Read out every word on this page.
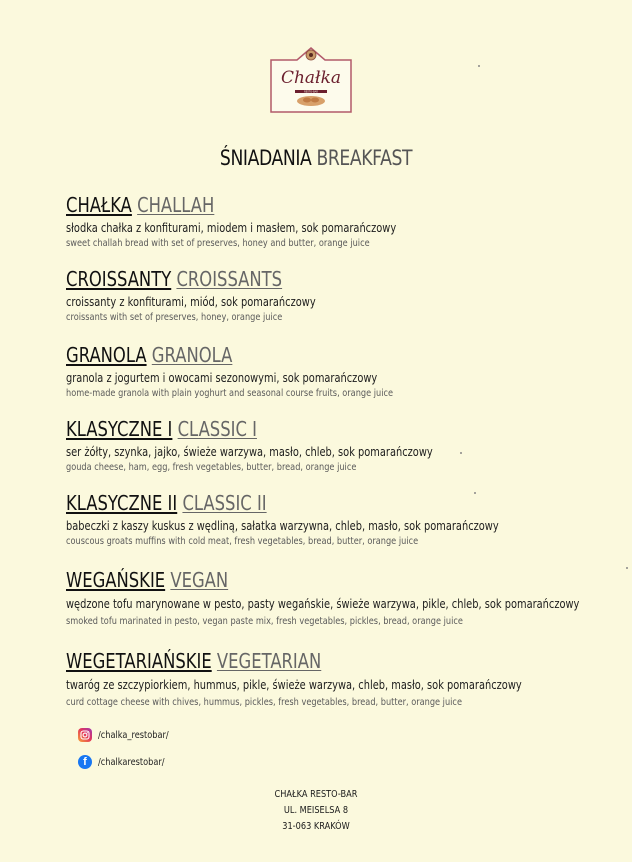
Chałka
RESTO-BAR
ŚNIADANIA BREAKFAST
CHAŁKA CHALLAH
słodka chałka z konfiturami, miodem i masłem, sok pomarańczowy
sweet challah bread with set of preserves, honey and butter, orange juice
CROISSANTY CROISSANTS
croissanty z konfiturami, miód, sok pomarańczowy
croissants with set of preserves, honey, orange juice
GRANOLA GRANOLA
granola z jogurtem i owocami sezonowymi, sok pomarańczowy
home-made granola with plain yoghurt and seasonal course fruits, orange juice
KLASYCZNE I CLASSIC I
ser żółty, szynka, jajko, świeże warzywa, masło, chleb, sok pomarańczowy
gouda cheese, ham, egg, fresh vegetables, butter, bread, orange juice
KLASYCZNE II CLASSIC II
babeczki z kaszy kuskus z wędliną, sałatka warzywna, chleb, masło, sok pomarańczowy
couscous groats muffins with cold meat, fresh vegetables, bread, butter, orange juice
WEGAŃSKIE VEGAN
wędzone tofu marynowane w pesto, pasty wegańskie, świeże warzywa, pikle, chleb, sok pomarańczowy
smoked tofu marinated in pesto, vegan paste mix, fresh vegetables, pickles, bread, orange juice
WEGETARIAŃSKIE VEGETARIAN
twaróg ze szczypiorkiem, hummus, pikle, świeże warzywa, chleb, masło, sok pomarańczowy
curd cottage cheese with chives, hummus, pickles, fresh vegetables, bread, butter, orange juice
/chalka_restobar/
f	/chalkarestobar/
CHAŁKA RESTO-BAR
UL. MEISELSA 8
31-063 KRAKÓW
